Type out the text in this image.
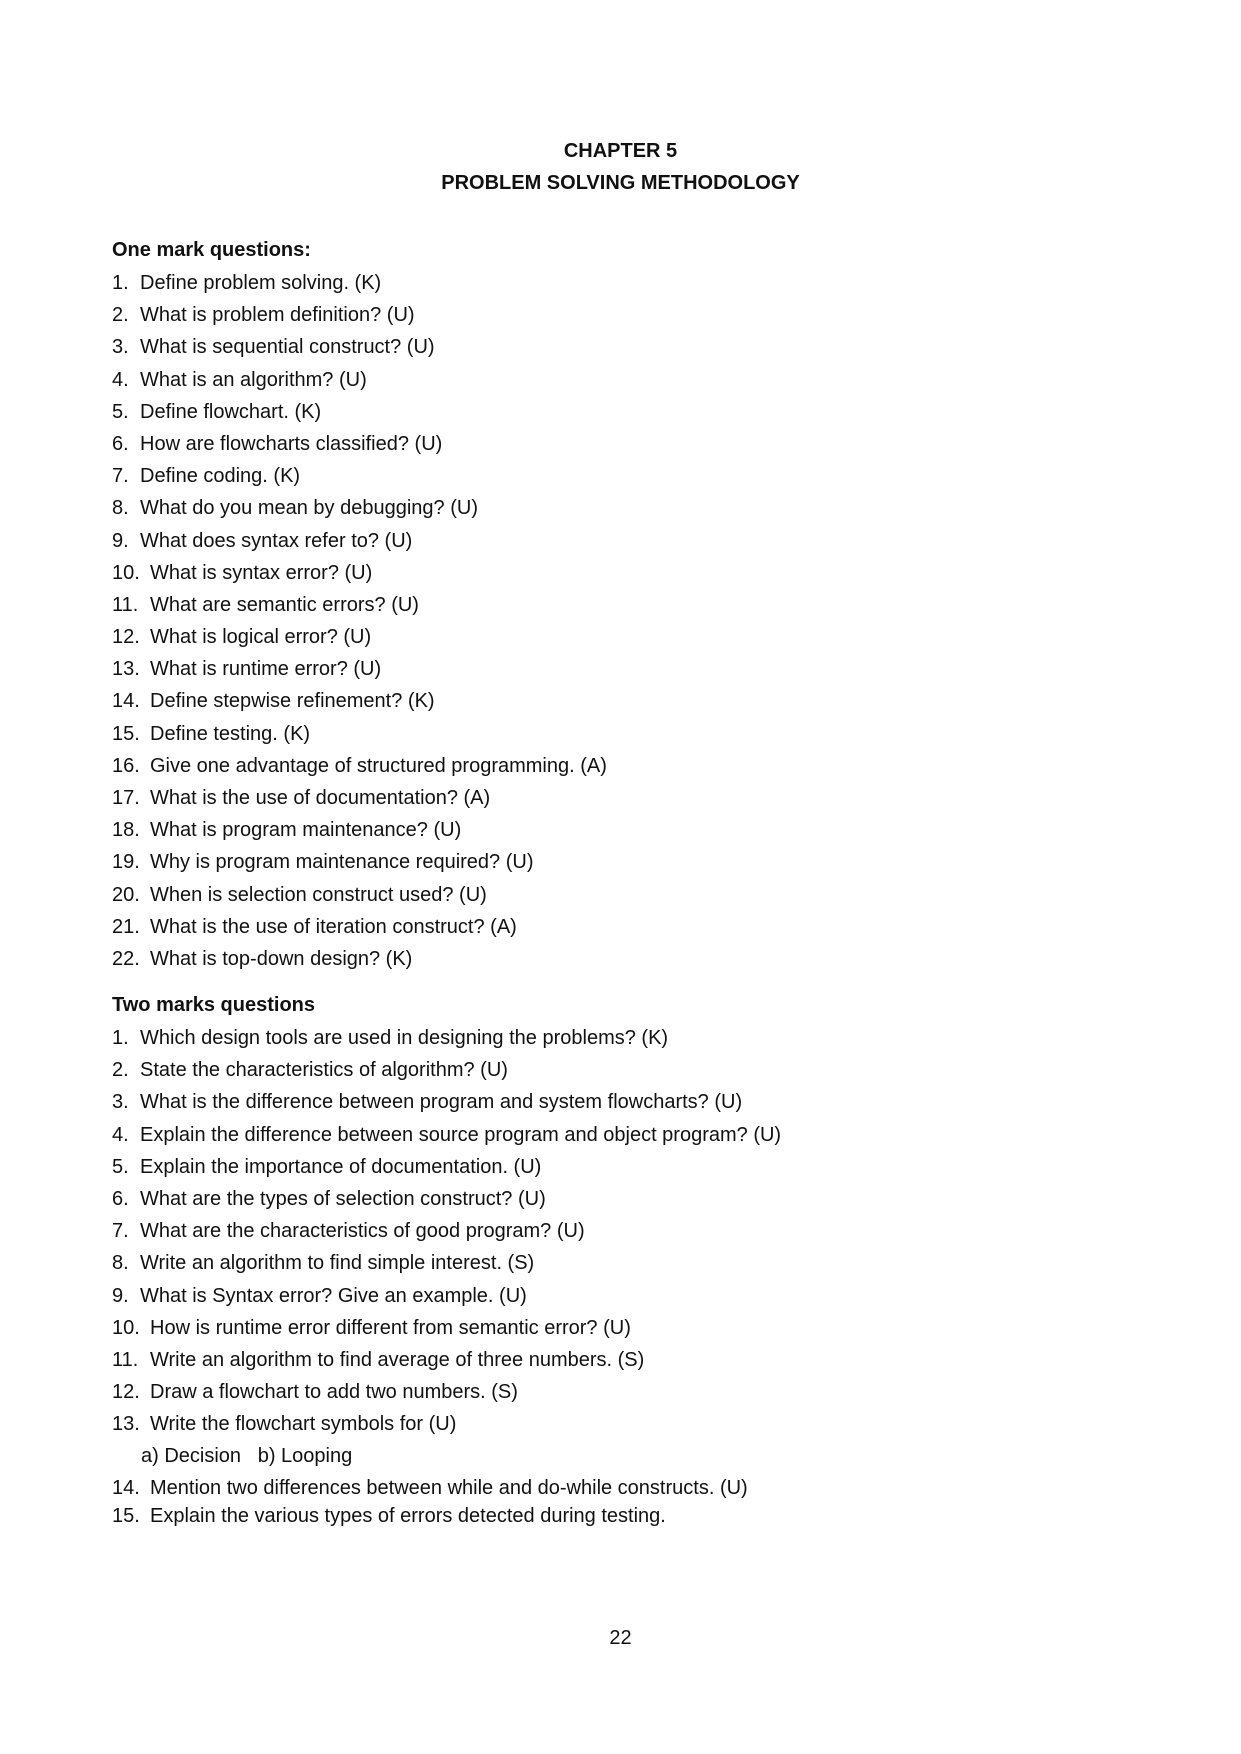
CHAPTER 5
PROBLEM SOLVING METHODOLOGY
One mark questions:
1. Define problem solving. (K)
2. What is problem definition? (U)
3. What is sequential construct? (U)
4. What is an algorithm? (U)
5. Define flowchart. (K)
6. How are flowcharts classified? (U)
7. Define coding. (K)
8. What do you mean by debugging? (U)
9. What does syntax refer to? (U)
10. What is syntax error? (U)
11. What are semantic errors? (U)
12. What is logical error? (U)
13. What is runtime error? (U)
14. Define stepwise refinement? (K)
15. Define testing. (K)
16. Give one advantage of structured programming. (A)
17. What is the use of documentation? (A)
18. What is program maintenance? (U)
19. Why is program maintenance required? (U)
20. When is selection construct used? (U)
21. What is the use of iteration construct? (A)
22. What is top-down design? (K)
Two marks questions
1. Which design tools are used in designing the problems? (K)
2. State the characteristics of algorithm? (U)
3. What is the difference between program and system flowcharts? (U)
4. Explain the difference between source program and object program? (U)
5. Explain the importance of documentation. (U)
6. What are the types of selection construct? (U)
7. What are the characteristics of good program? (U)
8. Write an algorithm to find simple interest. (S)
9. What is Syntax error? Give an example. (U)
10. How is runtime error different from semantic error? (U)
11. Write an algorithm to find average of three numbers. (S)
12. Draw a flowchart to add two numbers. (S)
13. Write the flowchart symbols for (U)
a) Decision   b) Looping
14. Mention two differences between while and do-while constructs. (U)
15. Explain the various types of errors detected during testing.
22
